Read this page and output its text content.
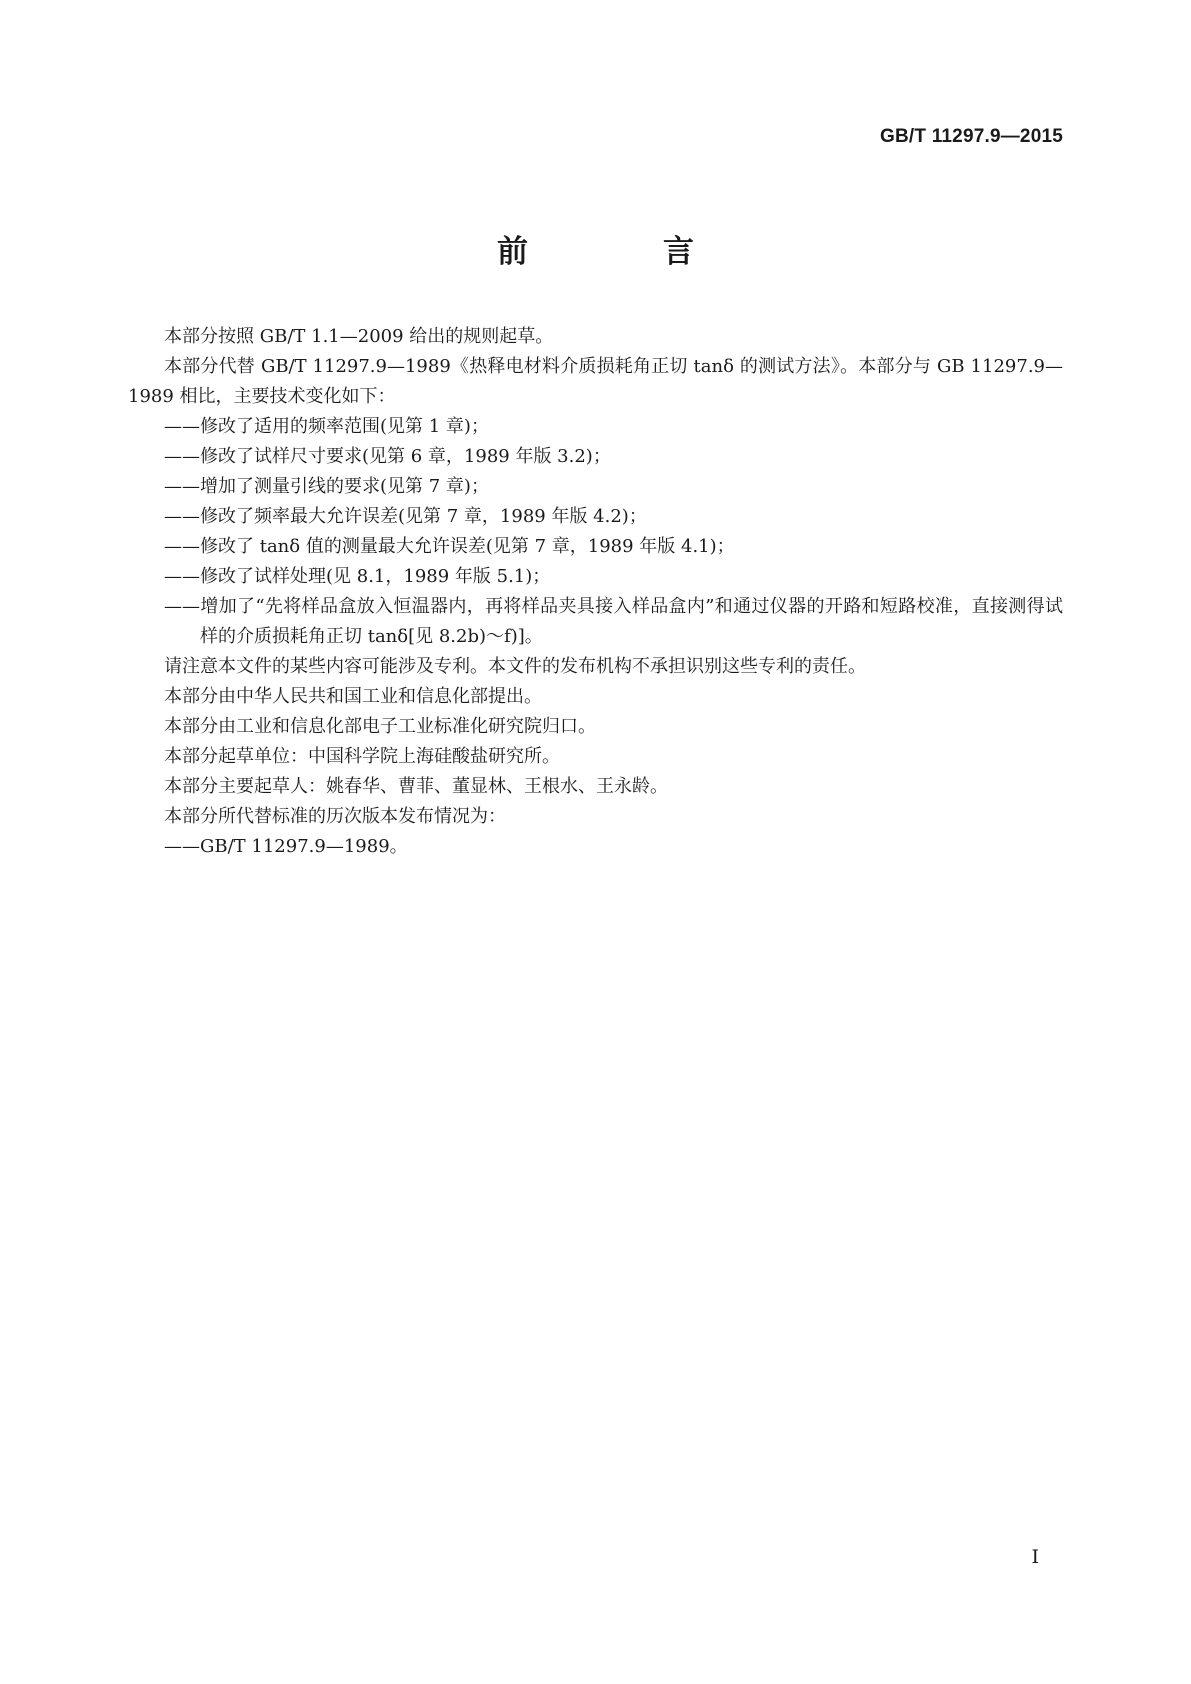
GB/T 11297.9—2015
前　言

本部分按照 GB/T 1.1—2009 给出的规则起草。

本部分代替 GB/T 11297.9—1989《热释电材料介质损耗角正切 tanδ 的测试方法》。本部分与 GB 11297.9—1989 相比，主要技术变化如下：

——修改了适用的频率范围(见第 1 章)；

——修改了试样尺寸要求(见第 6 章，1989 年版 3.2)；

——增加了测量引线的要求(见第 7 章)；

——修改了频率最大允许误差(见第 7 章，1989 年版 4.2)；

——修改了 tanδ 值的测量最大允许误差(见第 7 章，1989 年版 4.1)；

——修改了试样处理(见 8.1，1989 年版 5.1)；

——增加了“先将样品盒放入恒温器内，再将样品夹具接入样品盒内”和通过仪器的开路和短路校准，直接测得试样的介质损耗角正切 tanδ[见 8.2b)～f)]。

请注意本文件的某些内容可能涉及专利。本文件的发布机构不承担识别这些专利的责任。

本部分由中华人民共和国工业和信息化部提出。

本部分由工业和信息化部电子工业标准化研究院归口。

本部分起草单位：中国科学院上海硅酸盐研究所。

本部分主要起草人：姚春华、曹菲、董显林、王根水、王永龄。

本部分所代替标准的历次版本发布情况为：

——GB/T 11297.9—1989。

I
